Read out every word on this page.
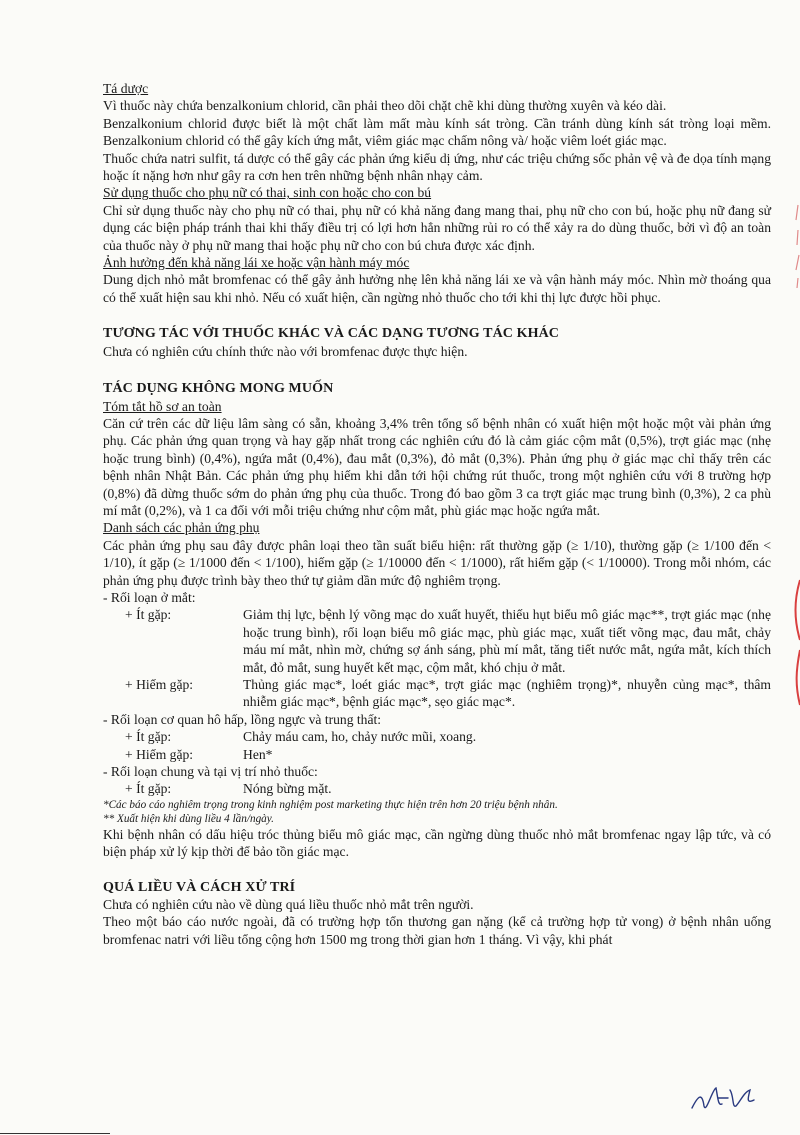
Tá dược

Vì thuốc này chứa benzalkonium chlorid, cần phải theo dõi chặt chẽ khi dùng thường xuyên và kéo dài.

Benzalkonium chlorid được biết là một chất làm mất màu kính sát tròng. Cần tránh dùng kính sát tròng loại mềm. Benzalkonium chlorid có thể gây kích ứng mắt, viêm giác mạc chấm nông và/ hoặc viêm loét giác mạc.

Thuốc chứa natri sulfit, tá dược có thể gây các phản ứng kiểu dị ứng, như các triệu chứng sốc phản vệ và đe dọa tính mạng hoặc ít nặng hơn như gây ra cơn hen trên những bệnh nhân nhạy cảm.

Sử dụng thuốc cho phụ nữ có thai, sinh con hoặc cho con bú

Chỉ sử dụng thuốc này cho phụ nữ có thai, phụ nữ có khả năng đang mang thai, phụ nữ cho con bú, hoặc phụ nữ đang sử dụng các biện pháp tránh thai khi thấy điều trị có lợi hơn hẳn những rủi ro có thể xảy ra do dùng thuốc, bởi vì độ an toàn của thuốc này ở phụ nữ mang thai hoặc phụ nữ cho con bú chưa được xác định.

Ảnh hưởng đến khả năng lái xe hoặc vận hành máy móc

Dung dịch nhỏ mắt bromfenac có thể gây ảnh hưởng nhẹ lên khả năng lái xe và vận hành máy móc. Nhìn mờ thoáng qua có thể xuất hiện sau khi nhỏ. Nếu có xuất hiện, cần ngừng nhỏ thuốc cho tới khi thị lực được hồi phục.

TƯƠNG TÁC VỚI THUỐC KHÁC VÀ CÁC DẠNG TƯƠNG TÁC KHÁC

Chưa có nghiên cứu chính thức nào với bromfenac được thực hiện.

TÁC DỤNG KHÔNG MONG MUỐN

Tóm tắt hồ sơ an toàn

Căn cứ trên các dữ liệu lâm sàng có sẵn, khoảng 3,4% trên tổng số bệnh nhân có xuất hiện một hoặc một vài phản ứng phụ. Các phản ứng quan trọng và hay gặp nhất trong các nghiên cứu đó là cảm giác cộm mắt (0,5%), trợt giác mạc (nhẹ hoặc trung bình) (0,4%), ngứa mắt (0,4%), đau mắt (0,3%), đỏ mắt (0,3%). Phản ứng phụ ở giác mạc chỉ thấy trên các bệnh nhân Nhật Bản. Các phản ứng phụ hiếm khi dẫn tới hội chứng rút thuốc, trong một nghiên cứu với 8 trường hợp (0,8%) đã dừng thuốc sớm do phản ứng phụ của thuốc. Trong đó bao gồm 3 ca trợt giác mạc trung bình (0,3%), 2 ca phù mí mắt (0,2%), và 1 ca đối với mỗi triệu chứng như cộm mắt, phù giác mạc hoặc ngứa mắt.

Danh sách các phản ứng phụ

Các phản ứng phụ sau đây được phân loại theo tần suất biểu hiện: rất thường gặp (≥ 1/10), thường gặp (≥ 1/100 đến < 1/10), ít gặp (≥ 1/1000 đến < 1/100), hiếm gặp (≥ 1/10000 đến < 1/1000), rất hiếm gặp (< 1/10000). Trong mỗi nhóm, các phản ứng phụ được trình bày theo thứ tự giảm dần mức độ nghiêm trọng.

- Rối loạn ở mắt:

+ Ít gặp:	Giảm thị lực, bệnh lý võng mạc do xuất huyết, thiếu hụt biểu mô giác mạc**, trợt giác mạc (nhẹ hoặc trung bình), rối loạn biểu mô giác mạc, phù giác mạc, xuất tiết võng mạc, đau mắt, chảy máu mí mắt, nhìn mờ, chứng sợ ánh sáng, phù mí mắt, tăng tiết nước mắt, ngứa mắt, kích thích mắt, đỏ mắt, sung huyết kết mạc, cộm mắt, khó chịu ở mắt.
+ Hiếm gặp:	Thủng giác mạc*, loét giác mạc*, trợt giác mạc (nghiêm trọng)*, nhuyễn củng mạc*, thâm nhiễm giác mạc*, bệnh giác mạc*, sẹo giác mạc*.

- Rối loạn cơ quan hô hấp, lồng ngực và trung thất:

+ Ít gặp:	Chảy máu cam, ho, chảy nước mũi, xoang.
+ Hiếm gặp:	Hen*

- Rối loạn chung và tại vị trí nhỏ thuốc:

+ Ít gặp:	Nóng bừng mặt.

*Các báo cáo nghiêm trọng trong kinh nghiệm post marketing thực hiện trên hơn 20 triệu bệnh nhân.

** Xuất hiện khi dùng liều 4 lần/ngày.

Khi bệnh nhân có dấu hiệu tróc thủng biểu mô giác mạc, cần ngừng dùng thuốc nhỏ mắt bromfenac ngay lập tức, và có biện pháp xử lý kịp thời để bảo tồn giác mạc.

QUÁ LIỀU VÀ CÁCH XỬ TRÍ

Chưa có nghiên cứu nào về dùng quá liều thuốc nhỏ mắt trên người.

Theo một báo cáo nước ngoài, đã có trường hợp tổn thương gan nặng (kể cả trường hợp tử vong) ở bệnh nhân uống bromfenac natri với liều tổng cộng hơn 1500 mg trong thời gian hơn 1 tháng. Vì vậy, khi phát
